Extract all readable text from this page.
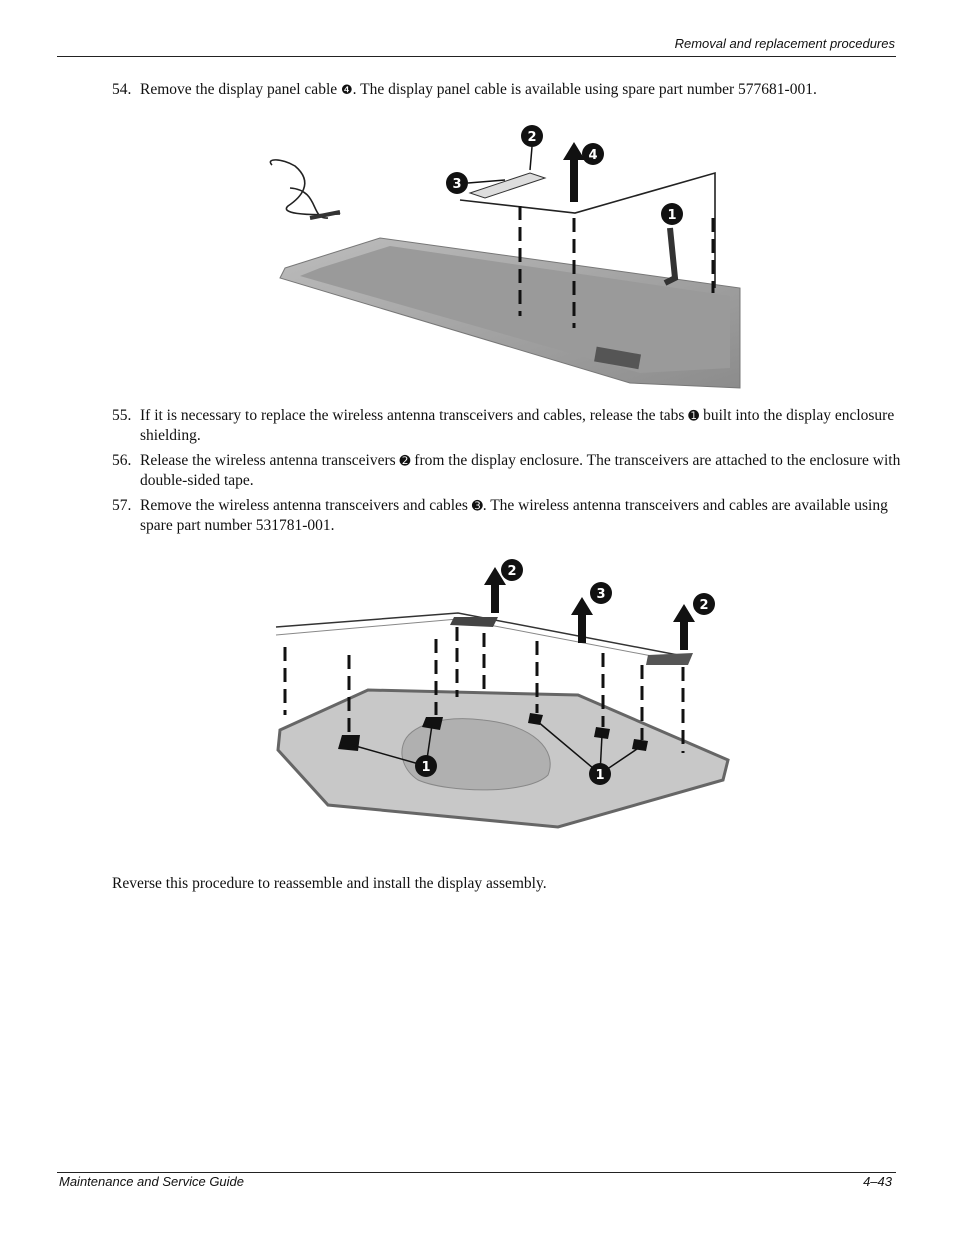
Removal and replacement procedures
54. Remove the display panel cable ❹. The display panel cable is available using spare part number 577681-001.
2
3
4
1
55. If it is necessary to replace the wireless antenna transceivers and cables, release the tabs ➊ built into the display enclosure shielding.
56. Release the wireless antenna transceivers ➋ from the display enclosure. The transceivers are attached to the enclosure with double-sided tape.
57. Remove the wireless antenna transceivers and cables ➌. The wireless antenna transceivers and cables are available using spare part number 531781-001.
2
3
2
1
1
Reverse this procedure to reassemble and install the display assembly.
Maintenance and Service Guide	4–43
